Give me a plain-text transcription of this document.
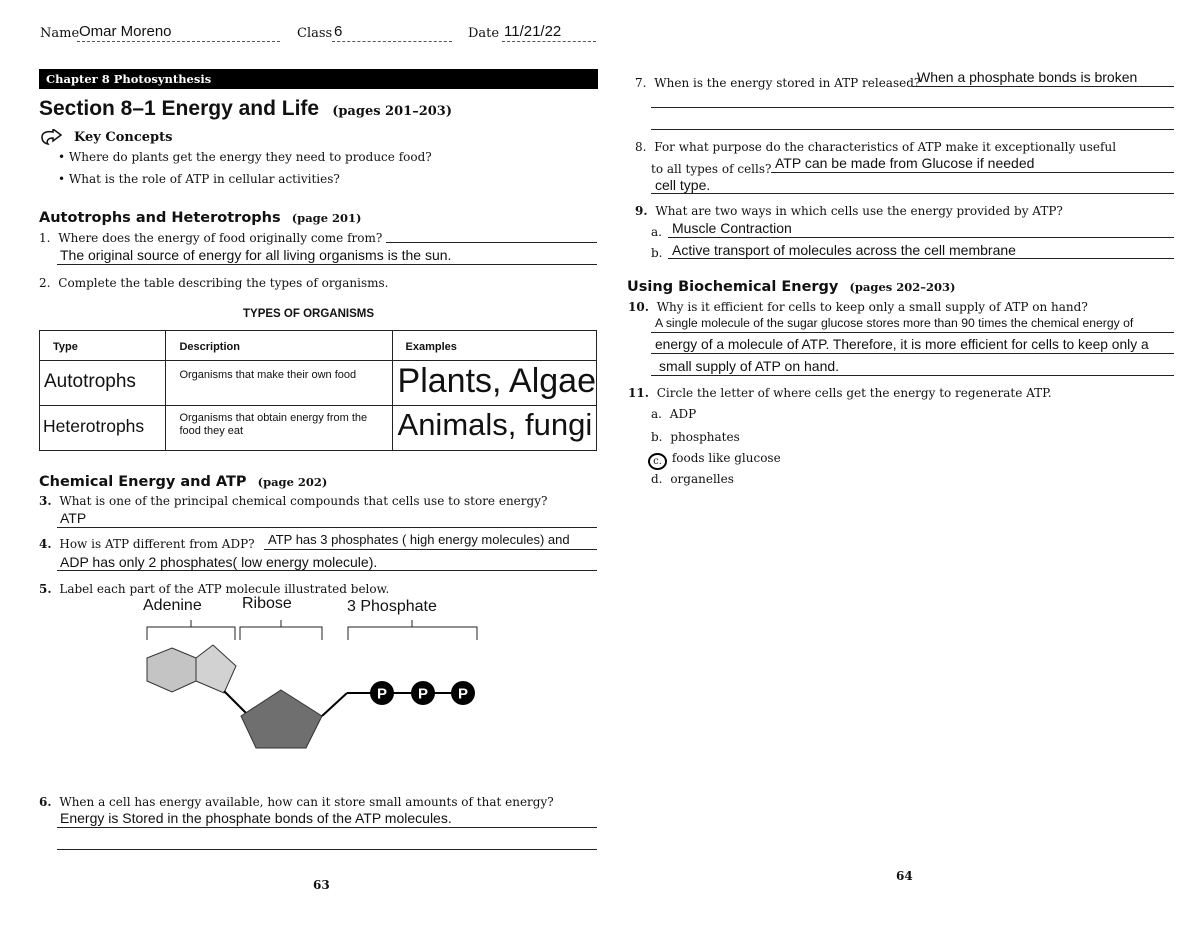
Name Omar Moreno	Class 6	Date 11/21/22
Chapter 8 Photosynthesis
Section 8–1 Energy and Life (pages 201–203)
Key Concepts
• Where do plants get the energy they need to produce food?
• What is the role of ATP in cellular activities?
Autotrophs and Heterotrophs (page 201)
1. Where does the energy of food originally come from?
The original source of energy for all living organisms is the sun.
2. Complete the table describing the types of organisms.
TYPES OF ORGANISMS
Type	Description	Examples
Autotrophs	Organisms that make their own food	Plants, Algae
Heterotrophs	Organisms that obtain energy from the food they eat	Animals, fungi
Chemical Energy and ATP (page 202)
3. What is one of the principal chemical compounds that cells use to store energy?
ATP
4. How is ATP different from ADP? ATP has 3 phosphates ( high energy molecules) and
ADP has only 2 phosphates( low energy molecule).
5. Label each part of the ATP molecule illustrated below.
Adenine	Ribose	3 Phosphate
P P P
6. When a cell has energy available, how can it store small amounts of that energy?
Energy is Stored in the phosphate bonds of the ATP molecules.
63
7. When is the energy stored in ATP released?
When a phosphate bonds is broken
8. For what purpose do the characteristics of ATP make it exceptionally useful
to all types of cells? ATP can be made from Glucose if needed
cell type.
9. What are two ways in which cells use the energy provided by ATP?
a. Muscle Contraction
b. Active transport of molecules across the cell membrane
Using Biochemical Energy (pages 202–203)
10. Why is it efficient for cells to keep only a small supply of ATP on hand?
A single molecule of the sugar glucose stores more than 90 times the chemical energy of
energy of a molecule of ATP. Therefore, it is more efficient for cells to keep only a
small supply of ATP on hand.
11. Circle the letter of where cells get the energy to regenerate ATP.
a. ADP
b. phosphates
c. foods like glucose
d. organelles
64
